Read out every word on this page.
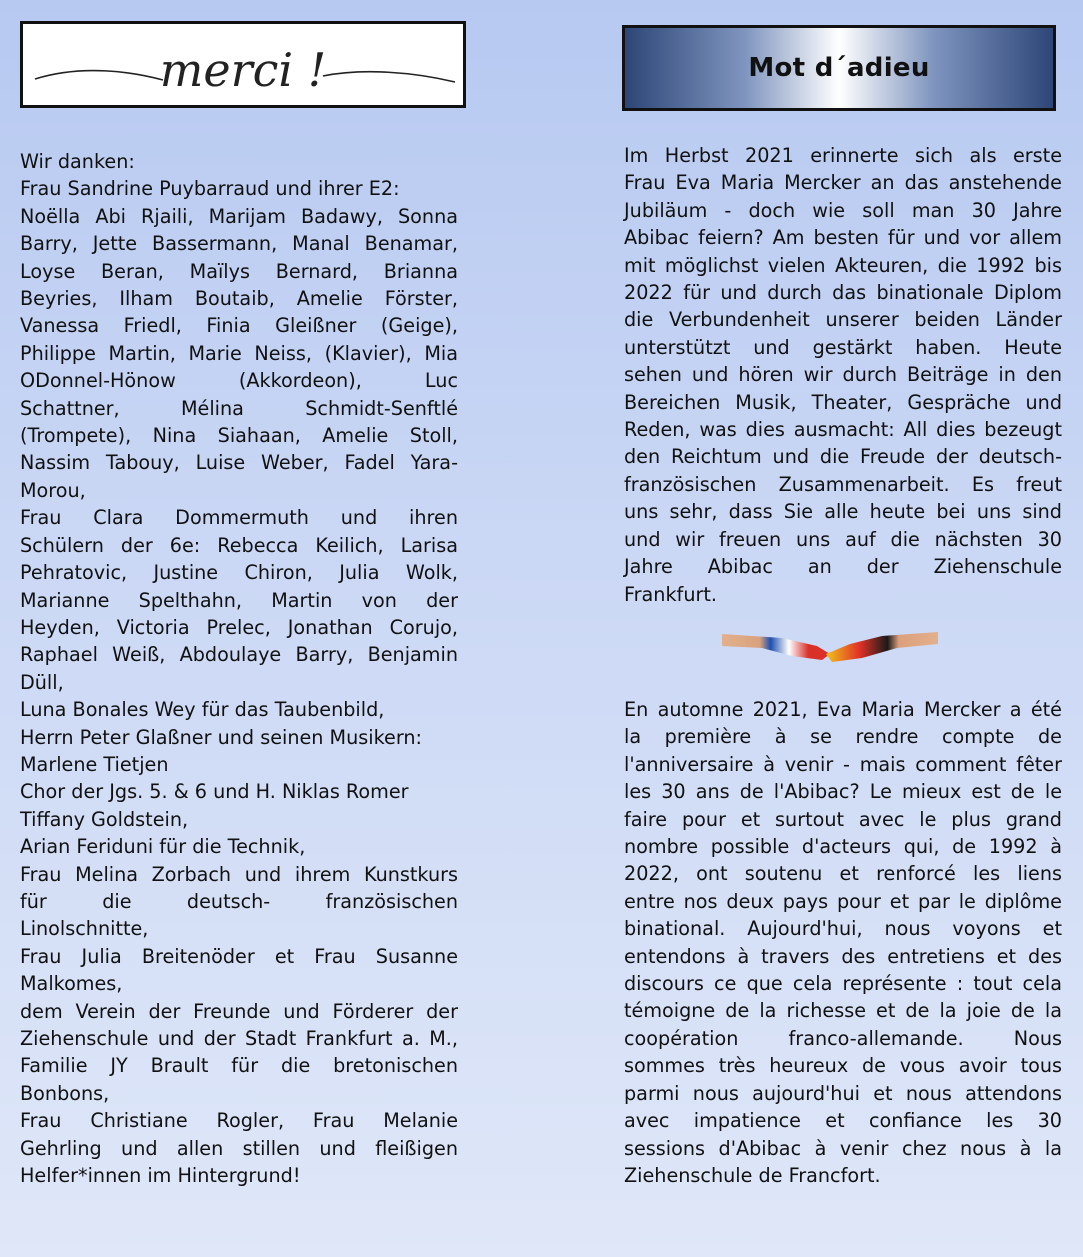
merci !	Mot d´adieu
Wir danken:
Frau Sandrine Puybarraud und ihrer E2:
Noëlla Abi Rjaili, Marijam Badawy, Sonna
Barry, Jette Bassermann, Manal Benamar,
Loyse Beran, Maïlys Bernard, Brianna
Beyries, Ilham Boutaib, Amelie Förster,
Vanessa Friedl, Finia Gleißner (Geige),
Philippe Martin, Marie Neiss, (Klavier), Mia
ODonnel-Hönow (Akkordeon), Luc
Schattner, Mélina Schmidt-Senftlé
(Trompete), Nina Siahaan, Amelie Stoll,
Nassim Tabouy, Luise Weber, Fadel Yara-
Morou,
Frau Clara Dommermuth und ihren
Schülern der 6e: Rebecca Keilich, Larisa
Pehratovic, Justine Chiron, Julia Wolk,
Marianne Spelthahn, Martin von der
Heyden, Victoria Prelec, Jonathan Corujo,
Raphael Weiß, Abdoulaye Barry, Benjamin
Düll,
Luna Bonales Wey für das Taubenbild,
Herrn Peter Glaßner und seinen Musikern:
Marlene Tietjen
Chor der Jgs. 5. & 6 und H. Niklas Romer
Tiffany Goldstein,
Arian Feriduni für die Technik,
Frau Melina Zorbach und ihrem Kunstkurs
für die deutsch- französischen
Linolschnitte,
Frau Julia Breitenöder et Frau Susanne
Malkomes,
dem Verein der Freunde und Förderer der
Ziehenschule und der Stadt Frankfurt a. M.,
Familie JY Brault für die bretonischen
Bonbons,
Frau Christiane Rogler, Frau Melanie
Gehrling und allen stillen und fleißigen
Helfer*innen im Hintergrund!
Im Herbst 2021 erinnerte sich als erste
Frau Eva Maria Mercker an das anstehende
Jubiläum - doch wie soll man 30 Jahre
Abibac feiern? Am besten für und vor allem
mit möglichst vielen Akteuren, die 1992 bis
2022 für und durch das binationale Diplom
die Verbundenheit unserer beiden Länder
unterstützt und gestärkt haben. Heute
sehen und hören wir durch Beiträge in den
Bereichen Musik, Theater, Gespräche und
Reden, was dies ausmacht: All dies bezeugt
den Reichtum und die Freude der deutsch-
französischen Zusammenarbeit. Es freut
uns sehr, dass Sie alle heute bei uns sind
und wir freuen uns auf die nächsten 30
Jahre Abibac an der Ziehenschule
Frankfurt.
En automne 2021, Eva Maria Mercker a été
la première à se rendre compte de
l'anniversaire à venir - mais comment fêter
les 30 ans de l'Abibac? Le mieux est de le
faire pour et surtout avec le plus grand
nombre possible d'acteurs qui, de 1992 à
2022, ont soutenu et renforcé les liens
entre nos deux pays pour et par le diplôme
binational. Aujourd'hui, nous voyons et
entendons à travers des entretiens et des
discours ce que cela représente : tout cela
témoigne de la richesse et de la joie de la
coopération franco-allemande. Nous
sommes très heureux de vous avoir tous
parmi nous aujourd'hui et nous attendons
avec impatience et confiance les 30
sessions d'Abibac à venir chez nous à la
Ziehenschule de Francfort.
